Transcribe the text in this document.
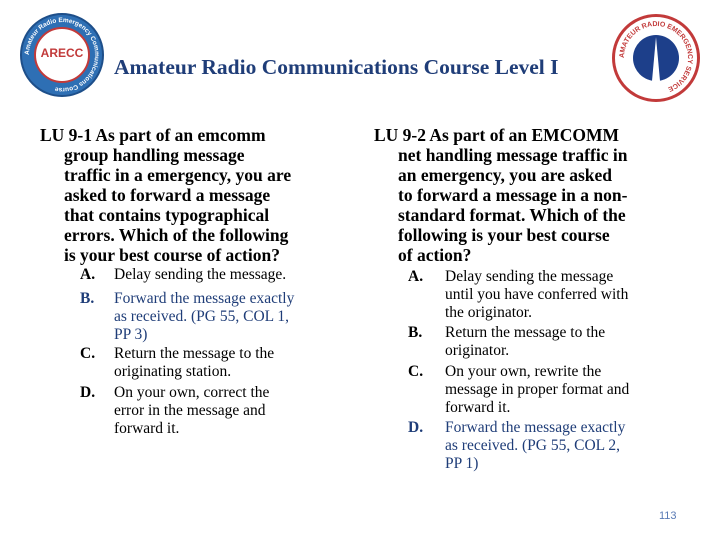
Amateur Radio Emergency Communications Course
ARECC	AMATEUR RADIO EMERGENCY SERVICE
Amateur Radio Communications Course Level I
LU 9-1 As part of an emcomm
group handling message
traffic in a emergency, you are
asked to forward a message
that contains typographical
errors. Which of the following
is your best course of action?
A.	Delay sending the message.
B.	Forward the message exactly
as received. (PG 55, COL 1,
PP 3)
C.	Return the message to the
originating station.
D.	On your own, correct the
error in the message and
forward it.
LU 9-2 As part of an EMCOMM
net handling message traffic in
an emergency, you are asked
to forward a message in a non-
standard format. Which of the
following is your best course
of action?
A.	Delay sending the message
until you have conferred with
the originator.
B.	Return the message to the
originator.
C.	On your own, rewrite the
message in proper format and
forward it.
D.	Forward the message exactly
as received. (PG 55, COL 2,
PP 1)
113
